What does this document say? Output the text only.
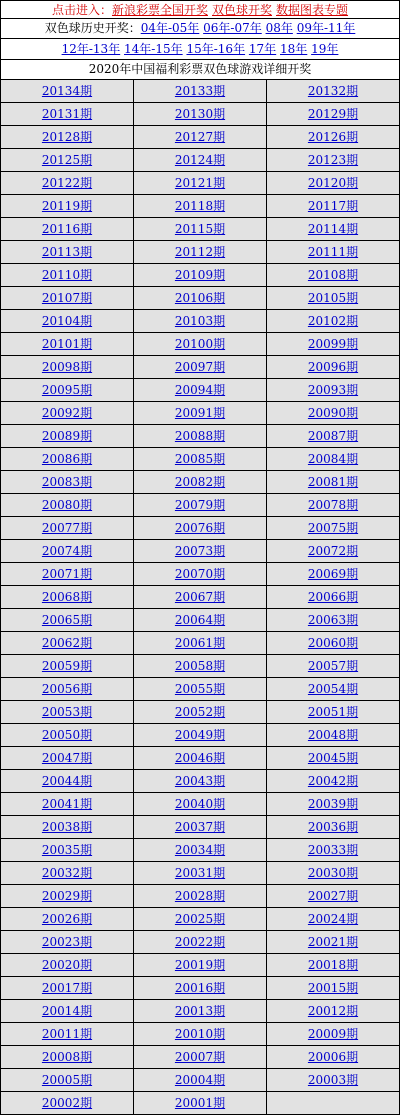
点击进入：新浪彩票全国开奖 双色球开奖 数据图表专题
双色球历史开奖：04年-05年 06年-07年 08年 09年-11年
12年-13年 14年-15年 15年-16年 17年 18年 19年
2020年中国福利彩票双色球游戏详细开奖
20134期	20133期	20132期
20131期	20130期	20129期
20128期	20127期	20126期
20125期	20124期	20123期
20122期	20121期	20120期
20119期	20118期	20117期
20116期	20115期	20114期
20113期	20112期	20111期
20110期	20109期	20108期
20107期	20106期	20105期
20104期	20103期	20102期
20101期	20100期	20099期
20098期	20097期	20096期
20095期	20094期	20093期
20092期	20091期	20090期
20089期	20088期	20087期
20086期	20085期	20084期
20083期	20082期	20081期
20080期	20079期	20078期
20077期	20076期	20075期
20074期	20073期	20072期
20071期	20070期	20069期
20068期	20067期	20066期
20065期	20064期	20063期
20062期	20061期	20060期
20059期	20058期	20057期
20056期	20055期	20054期
20053期	20052期	20051期
20050期	20049期	20048期
20047期	20046期	20045期
20044期	20043期	20042期
20041期	20040期	20039期
20038期	20037期	20036期
20035期	20034期	20033期
20032期	20031期	20030期
20029期	20028期	20027期
20026期	20025期	20024期
20023期	20022期	20021期
20020期	20019期	20018期
20017期	20016期	20015期
20014期	20013期	20012期
20011期	20010期	20009期
20008期	20007期	20006期
20005期	20004期	20003期
20002期	20001期
